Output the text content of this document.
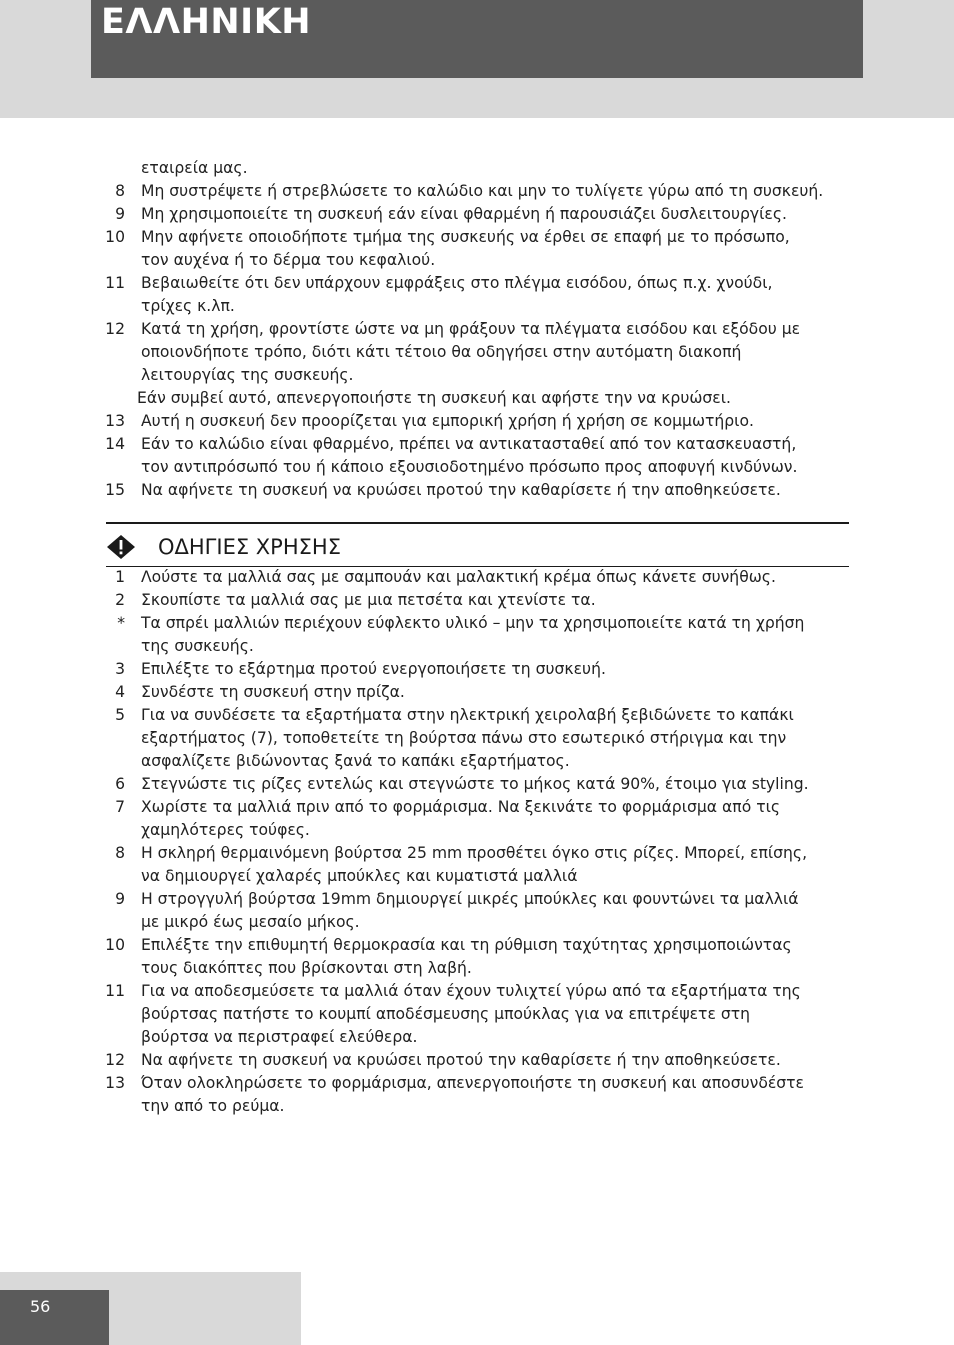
ΕΛΛΗΝΙΚΗ
εταιρεία μας.
8 Μη συστρέψετε ή στρεβλώσετε το καλώδιο και μην το τυλίγετε γύρω από τη συσκευή.
9 Μη χρησιμοποιείτε τη συσκευή εάν είναι φθαρμένη ή παρουσιάζει δυσλειτουργίες.
10 Μην αφήνετε οποιοδήποτε τμήμα της συσκευής να έρθει σε επαφή με το πρόσωπο,
τον αυχένα ή το δέρμα του κεφαλιού.
11 Βεβαιωθείτε ότι δεν υπάρχουν εμφράξεις στο πλέγμα εισόδου, όπως π.χ. χνούδι,
τρίχες κ.λπ.
12 Κατά τη χρήση, φροντίστε ώστε να μη φράξουν τα πλέγματα εισόδου και εξόδου με
οποιονδήποτε τρόπο, διότι κάτι τέτοιο θα οδηγήσει στην αυτόματη διακοπή
λειτουργίας της συσκευής.
Εάν συμβεί αυτό, απενεργοποιήστε τη συσκευή και αφήστε την να κρυώσει.
13 Αυτή η συσκευή δεν προορίζεται για εμπορική χρήση ή χρήση σε κομμωτήριο.
14 Εάν το καλώδιο είναι φθαρμένο, πρέπει να αντικατασταθεί από τον κατασκευαστή,
τον αντιπρόσωπό του ή κάποιο εξουσιοδοτημένο πρόσωπο προς αποφυγή κινδύνων.
15 Να αφήνετε τη συσκευή να κρυώσει προτού την καθαρίσετε ή την αποθηκεύσετε.
ΟΔΗΓΙΕΣ ΧΡΗΣΗΣ
1 Λούστε τα μαλλιά σας με σαμπουάν και μαλακτική κρέμα όπως κάνετε συνήθως.
2 Σκουπίστε τα μαλλιά σας με μια πετσέτα και χτενίστε τα.
* Τα σπρέι μαλλιών περιέχουν εύφλεκτο υλικό – μην τα χρησιμοποιείτε κατά τη χρήση
της συσκευής.
3 Επιλέξτε το εξάρτημα προτού ενεργοποιήσετε τη συσκευή.
4 Συνδέστε τη συσκευή στην πρίζα.
5 Για να συνδέσετε τα εξαρτήματα στην ηλεκτρική χειρολαβή ξεβιδώνετε το καπάκι
εξαρτήματος (7), τοποθετείτε τη βούρτσα πάνω στο εσωτερικό στήριγμα και την
ασφαλίζετε βιδώνοντας ξανά το καπάκι εξαρτήματος.
6 Στεγνώστε τις ρίζες εντελώς και στεγνώστε το μήκος κατά 90%, έτοιμο για styling.
7 Χωρίστε τα μαλλιά πριν από το φορμάρισμα. Να ξεκινάτε το φορμάρισμα από τις
χαμηλότερες τούφες.
8 Η σκληρή θερμαινόμενη βούρτσα 25 mm προσθέτει όγκο στις ρίζες. Μπορεί, επίσης,
να δημιουργεί χαλαρές μπούκλες και κυματιστά μαλλιά
9 Η στρογγυλή βούρτσα 19mm δημιουργεί μικρές μπούκλες και φουντώνει τα μαλλιά
με μικρό έως μεσαίο μήκος.
10 Επιλέξτε την επιθυμητή θερμοκρασία και τη ρύθμιση ταχύτητας χρησιμοποιώντας
τους διακόπτες που βρίσκονται στη λαβή.
11 Για να αποδεσμεύσετε τα μαλλιά όταν έχουν τυλιχτεί γύρω από τα εξαρτήματα της
βούρτσας πατήστε το κουμπί αποδέσμευσης μπούκλας για να επιτρέψετε στη
βούρτσα να περιστραφεί ελεύθερα.
12 Να αφήνετε τη συσκευή να κρυώσει προτού την καθαρίσετε ή την αποθηκεύσετε.
13 Όταν ολοκληρώσετε το φορμάρισμα, απενεργοποιήστε τη συσκευή και αποσυνδέστε
την από το ρεύμα.
56
